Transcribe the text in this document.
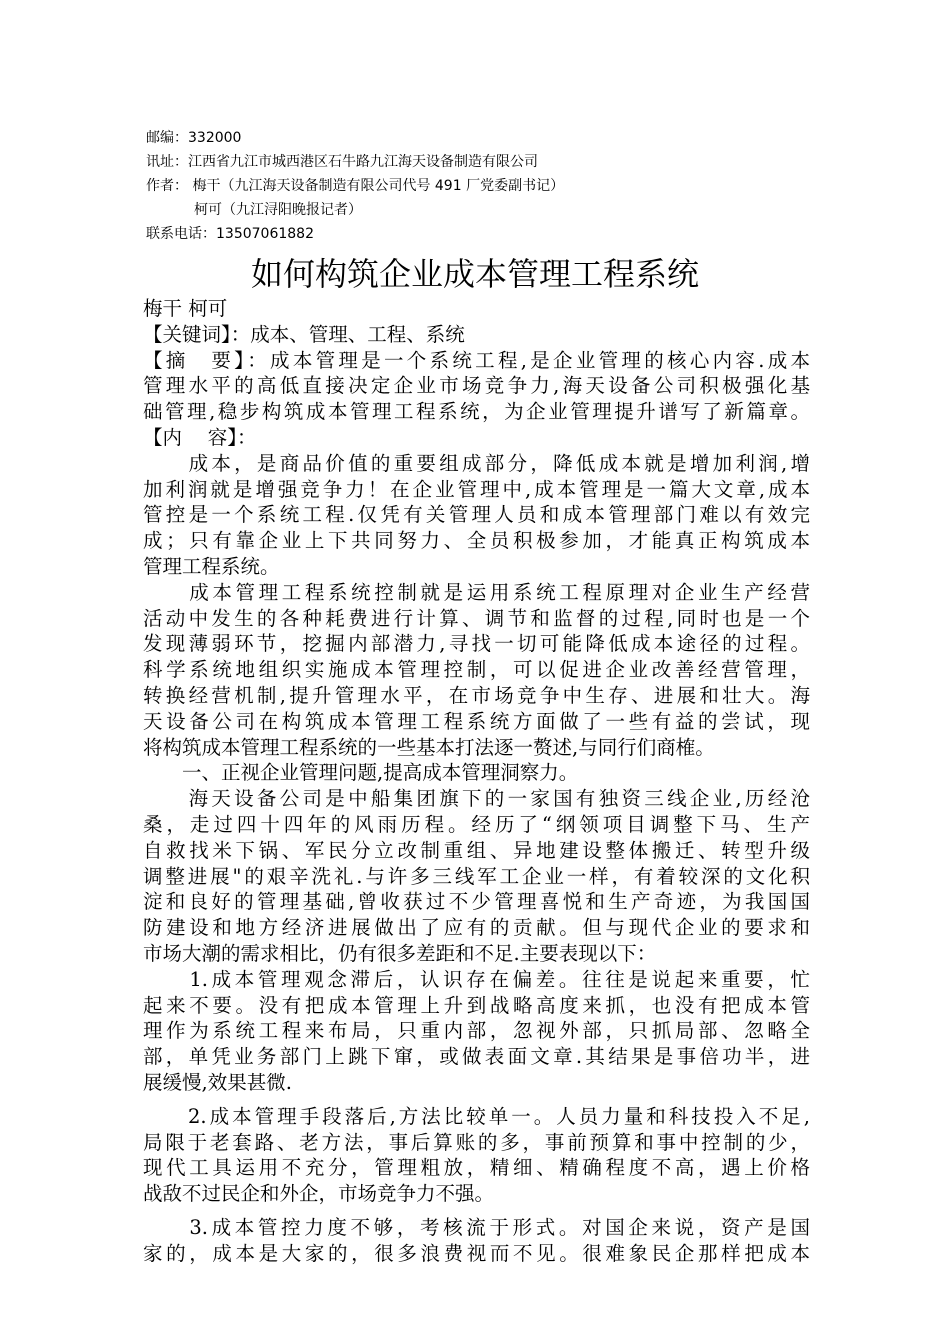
邮编：332000
讯址：江西省九江市城西港区石牛路九江海天设备制造有限公司
作者： 梅干（九江海天设备制造有限公司代号 491 厂党委副书记）
柯可（九江浔阳晚报记者）
联系电话：13507061882
如何构筑企业成本管理工程系统
梅干 柯可
【关键词】：成本、管理、工程、系统
【摘　要】：成本管理是一个系统工程,是企业管理的核心内容.成本
管理水平的高低直接决定企业市场竞争力,海天设备公司积极强化基
础管理,稳步构筑成本管理工程系统，为企业管理提升谱写了新篇章。
【内　 容】：
　　成本，是商品价值的重要组成部分，降低成本就是增加利润,增
加利润就是增强竞争力！在企业管理中,成本管理是一篇大文章,成本
管控是一个系统工程.仅凭有关管理人员和成本管理部门难以有效完
成；只有靠企业上下共同努力、全员积极参加，才能真正构筑成本
管理工程系统。
　　成本管理工程系统控制就是运用系统工程原理对企业生产经营
活动中发生的各种耗费进行计算、调节和监督的过程,同时也是一个
发现薄弱环节，挖掘内部潜力,寻找一切可能降低成本途径的过程。
科学系统地组织实施成本管理控制，可以促进企业改善经营管理，
转换经营机制,提升管理水平，在市场竞争中生存、进展和壮大。海
天设备公司在构筑成本管理工程系统方面做了一些有益的尝试，现
将构筑成本管理工程系统的一些基本打法逐一赘述,与同行们商榷。
　　一、正视企业管理问题,提高成本管理洞察力。
　　海天设备公司是中船集团旗下的一家国有独资三线企业,历经沧
桑，走过四十四年的风雨历程。经历了“纲领项目调整下马、生产
自救找米下锅、军民分立改制重组、异地建设整体搬迁、转型升级
调整进展"的艰辛洗礼.与许多三线军工企业一样，有着较深的文化积
淀和良好的管理基础,曾收获过不少管理喜悦和生产奇迹，为我国国
防建设和地方经济进展做出了应有的贡献。但与现代企业的要求和
市场大潮的需求相比，仍有很多差距和不足.主要表现以下：
　　1.成本管理观念滞后，认识存在偏差。往往是说起来重要，忙
起来不要。没有把成本管理上升到战略高度来抓，也没有把成本管
理作为系统工程来布局，只重内部，忽视外部，只抓局部、忽略全
部，单凭业务部门上跳下窜，或做表面文章.其结果是事倍功半，进
展缓慢,效果甚微.
　　2.成本管理手段落后,方法比较单一。人员力量和科技投入不足,
局限于老套路、老方法，事后算账的多，事前预算和事中控制的少，
现代工具运用不充分，管理粗放，精细、精确程度不高，遇上价格
战敌不过民企和外企，市场竞争力不强。
　　3.成本管控力度不够，考核流于形式。对国企来说，资产是国
家的，成本是大家的，很多浪费视而不见。很难象民企那样把成本
